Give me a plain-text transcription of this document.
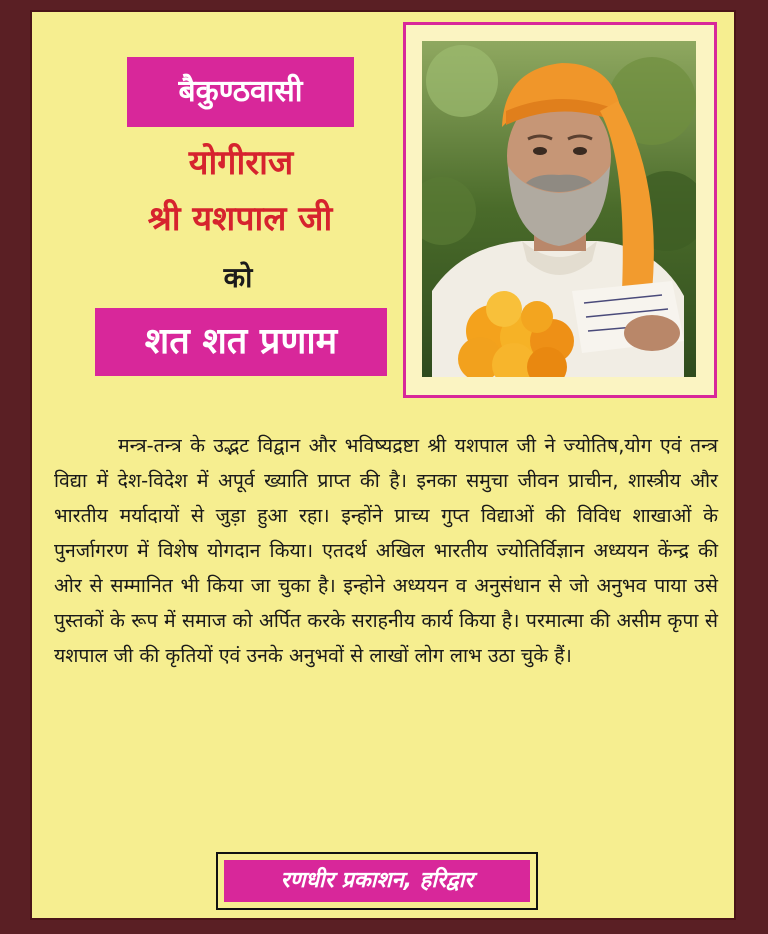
बैकुण्ठवासी
योगीराज
श्री यशपाल जी
को
शत शत प्रणाम
मन्त्र-तन्त्र के उद्भट विद्वान और भविष्यद्रष्टा श्री यशपाल जी ने ज्योतिष,योग एवं तन्त्र विद्या में देश-विदेश में अपूर्व ख्याति प्राप्त की है। इनका समुचा जीवन प्राचीन, शास्त्रीय और भारतीय मर्यादायों से जुड़ा हुआ रहा। इन्होंने प्राच्य गुप्त विद्याओं की विविध शाखाओं के पुनर्जागरण में विशेष योगदान किया। एतदर्थ अखिल भारतीय ज्योतिर्विज्ञान अध्ययन केंन्द्र की ओर से सम्मानित भी किया जा चुका है। इन्होने अध्ययन व अनुसंधान से जो अनुभव पाया उसे पुस्तकों के रूप में समाज को अर्पित करके सराहनीय कार्य किया है। परमात्मा की असीम कृपा से यशपाल जी की कृतियों एवं उनके अनुभवों से लाखों लोग लाभ उठा चुके हैं।
रणधीर प्रकाशन, हरिद्वार
